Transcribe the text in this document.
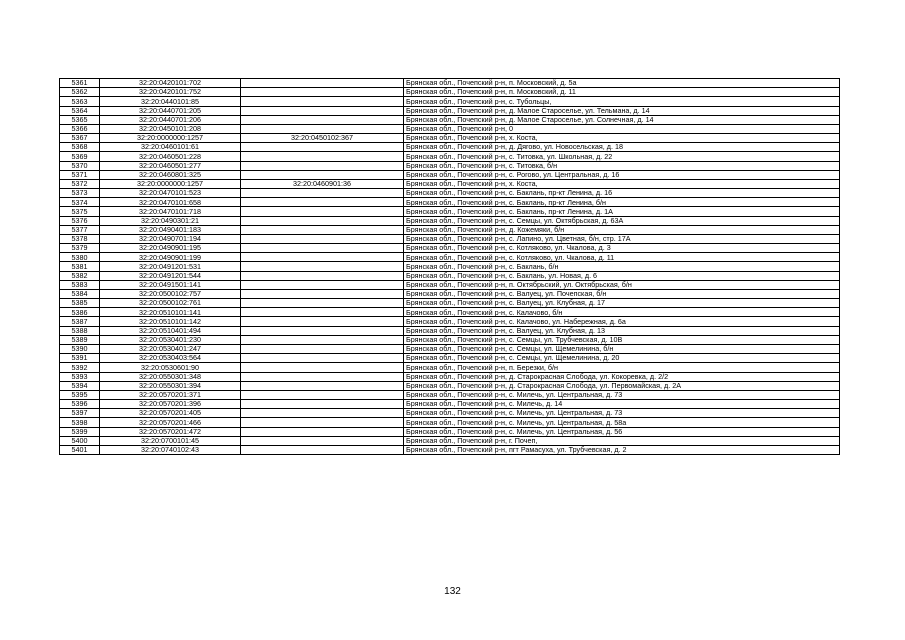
5361	32:20:0420101:702		Брянская обл., Почепский р-н, п. Московский, д. 5а
5362	32:20:0420101:752		Брянская обл., Почепский р-н, п. Московский, д. 11
5363	32:20:0440101:85		Брянская обл., Почепский р-н, с. Тубольцы,
5364	32:20:0440701:205		Брянская обл., Почепский р-н, д. Малое Староселье, ул. Тельмана, д. 14
5365	32:20:0440701:206		Брянская обл., Почепский р-н, д. Малое Староселье, ул. Солнечная, д. 14
5366	32:20:0450101:208		Брянская обл., Почепский р-н, 0
5367	32:20:0000000:1257	32:20:0450102:367	Брянская обл., Почепский р-н, х. Коста,
5368	32:20:0460101:61		Брянская обл., Почепский р-н, д. Дягово, ул. Новосельская, д. 18
5369	32:20:0460501:228		Брянская обл., Почепский р-н, с. Титовка, ул. Школьная, д. 22
5370	32:20:0460501:277		Брянская обл., Почепский р-н, с. Титовка, б/н
5371	32:20:0460801:325		Брянская обл., Почепский р-н, с. Рогово, ул. Центральная, д. 16
5372	32:20:0000000:1257	32:20:0460901:36	Брянская обл., Почепский р-н, х. Коста,
5373	32:20:0470101:523		Брянская обл., Почепский р-н, с. Баклань, пр-кт Ленина, д. 16
5374	32:20:0470101:658		Брянская обл., Почепский р-н, с. Баклань, пр-кт Ленина, б/н
5375	32:20:0470101:718		Брянская обл., Почепский р-н, с. Баклань, пр-кт Ленина, д. 1А
5376	32:20:0490301:21		Брянская обл., Почепский р-н, с. Семцы, ул. Октябрьская, д. 63А
5377	32:20:0490401:183		Брянская обл., Почепский р-н, д. Кожемяки, б/н
5378	32:20:0490701:194		Брянская обл., Почепский р-н, с. Лапино, ул. Цветная, б/н, стр. 17А
5379	32:20:0490901:195		Брянская обл., Почепский р-н, с. Котляково, ул. Чкалова, д. 3
5380	32:20:0490901:199		Брянская обл., Почепский р-н, с. Котляково, ул. Чкалова, д. 11
5381	32:20:0491201:531		Брянская обл., Почепский р-н, с. Баклань, б/н
5382	32:20:0491201:544		Брянская обл., Почепский р-н, с. Баклань, ул. Новая, д. 6
5383	32:20:0491501:141		Брянская обл., Почепский р-н, п. Октябрьский, ул. Октябрьская, б/н
5384	32:20:0500102:757		Брянская обл., Почепский р-н, с. Валуец, ул. Почепская, б/н
5385	32:20:0500102:761		Брянская обл., Почепский р-н, с. Валуец, ул. Клубная, д. 17
5386	32:20:0510101:141		Брянская обл., Почепский р-н, с. Калачово, б/н
5387	32:20:0510101:142		Брянская обл., Почепский р-н, с. Калачово, ул. Набережная, д. 6а
5388	32:20:0510401:494		Брянская обл., Почепский р-н, с. Валуец, ул. Клубная, д. 13
5389	32:20:0530401:230		Брянская обл., Почепский р-н, с. Семцы, ул. Трубчевская, д. 10В
5390	32:20:0530401:247		Брянская обл., Почепский р-н, с. Семцы, ул. Щемелинина, б/н
5391	32:20:0530403:564		Брянская обл., Почепский р-н, с. Семцы, ул. Щемелинина, д. 20
5392	32:20:0530601:90		Брянская обл., Почепский р-н, п. Березки, б/н
5393	32:20:0550301:348		Брянская обл., Почепский р-н, д. Старокрасная Слобода, ул. Кокоревка, д. 2/2
5394	32:20:0550301:394		Брянская обл., Почепский р-н, д. Старокрасная Слобода, ул. Первомайская, д. 2А
5395	32:20:0570201:371		Брянская обл., Почепский р-н, с. Милечь, ул. Центральная, д. 73
5396	32:20:0570201:396		Брянская обл., Почепский р-н, с. Милечь, д. 14
5397	32:20:0570201:405		Брянская обл., Почепский р-н, с. Милечь, ул. Центральная, д. 73
5398	32:20:0570201:466		Брянская обл., Почепский р-н, с. Милечь, ул. Центральная, д. 58а
5399	32:20:0570201:472		Брянская обл., Почепский р-н, с. Милечь, ул. Центральная, д. 56
5400	32:20:0700101:45		Брянская обл., Почепский р-н, г. Почеп,
5401	32:20:0740102:43		Брянская обл., Почепский р-н, пгт Рамасуха, ул. Трубчевская, д. 2
132
